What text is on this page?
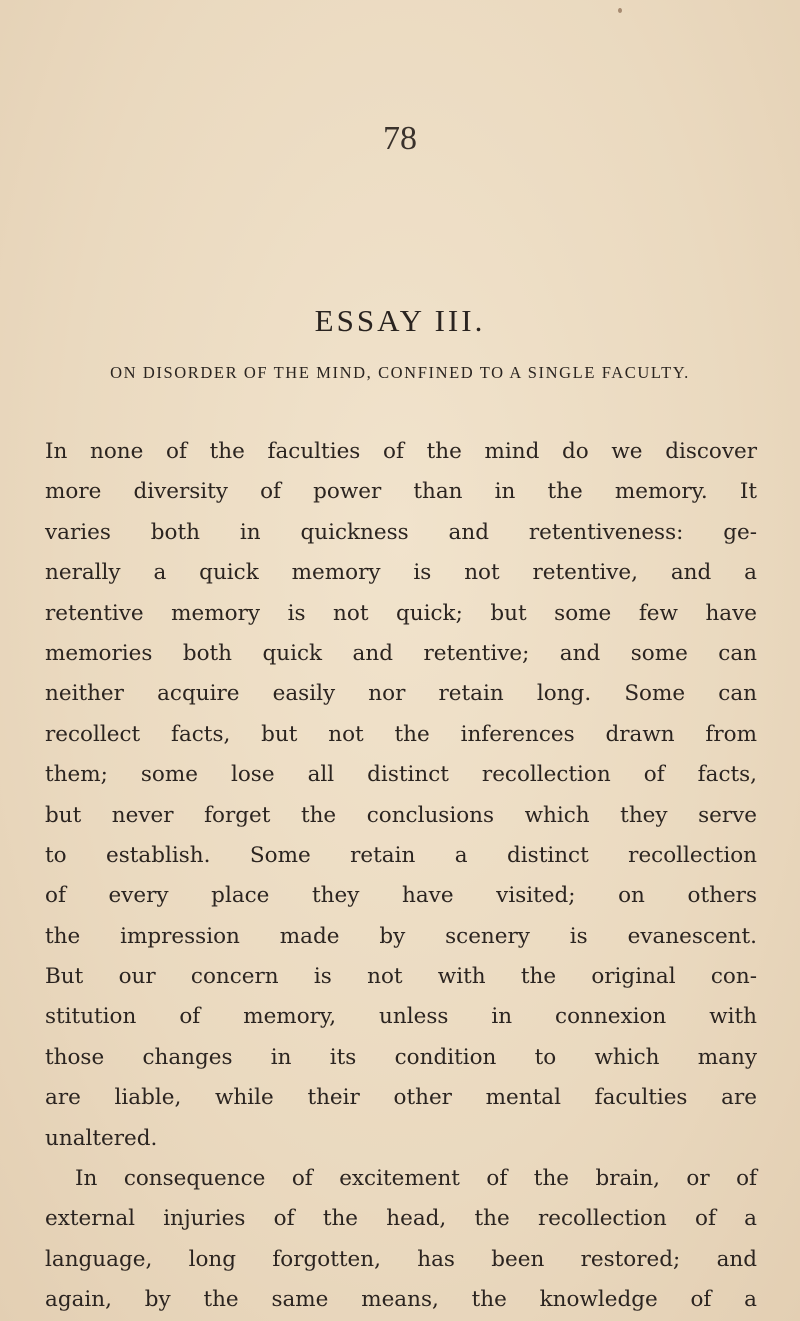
78
ESSAY III.
ON DISORDER OF THE MIND, CONFINED TO A SINGLE FACULTY.
In none of the faculties of the mind do we discover
more diversity of power than in the memory. It
varies both in quickness and retentiveness: ge-
nerally a quick memory is not retentive, and a
retentive memory is not quick; but some few have
memories both quick and retentive; and some can
neither acquire easily nor retain long. Some can
recollect facts, but not the inferences drawn from
them; some lose all distinct recollection of facts,
but never forget the conclusions which they serve
to establish. Some retain a distinct recollection
of every place they have visited; on others
the impression made by scenery is evanescent.
But our concern is not with the original con-
stitution of memory, unless in connexion with
those changes in its condition to which many
are liable, while their other mental faculties are
unaltered.
In consequence of excitement of the brain, or of
external injuries of the head, the recollection of a
language, long forgotten, has been restored; and
again, by the same means, the knowledge of a
